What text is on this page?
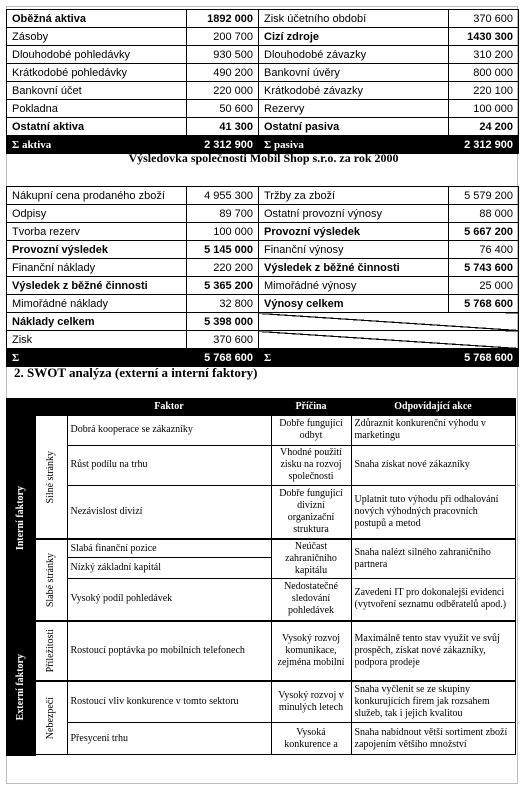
Oběžná aktiva	1892 000	Zisk účetního období	370 600
Zásoby	200 700	Cizí zdroje	1430 300
Dlouhodobé pohledávky	930 500	Dlouhodobé závazky	310 200
Krátkodobé pohledávky	490 200	Bankovní úvěry	800 000
Bankovní účet	220 000	Krátkodobé závazky	220 100
Pokladna	50 600	Rezervy	100 000
Ostatní aktiva	41 300	Ostatní pasiva	24 200
Σ aktiva	2 312 900	Σ pasiva	2 312 900
Výsledovka společnosti Mobil Shop s.r.o. za rok 2000
Nákupní cena prodaného zboží	4 955 300	Tržby za zboží	5 579 200
Odpisy	89 700	Ostatní provozní výnosy	88 000
Tvorba rezerv	100 000	Provozní výsledek	5 667 200
Provozní výsledek	5 145 000	Finanční výnosy	76 400
Finanční náklady	220 200	Výsledek z běžné činnosti	5 743 600
Výsledek z běžné činnosti	5 365 200	Mimořádné výnosy	25 000
Mimořádné náklady	32 800	Výnosy celkem	5 768 600
Náklady celkem	5 398 000		
Zisk	370 600		
Σ	5 768 600	Σ	5 768 600
2. SWOT analýza (externí a interní faktory)
		Faktor	Příčina	Odpovídající akce

Interní faktory	Silné stránky	Dobrá kooperace se zákazníky	Dobře fungující odbyt	Zdůraznit konkurenční výhodu v marketingu
		Růst podílu na trhu	Vhodné použití zisku na rozvoj společnosti	Snaha získat nové zákazníky
		Nezávislost divizí	Dobře fungující divizní organizační struktura	Uplatnit tuto výhodu při odhalování nových výhodných pracovních postupů a metod

	Slabé stránky	Slabá finanční pozice	Neúčast zahraničního kapitálu	Snaha nalézt silného zahraničního partnera
		Nízký základní kapitál		
		Vysoký podíl pohledávek	Nedostatečné sledování pohledávek	Zavedení IT pro dokonalejší evidenci (vytvoření seznamu odběratelů apod.)

Externí faktory	Příležitosti	Rostoucí poptávka po mobilních telefonech	Vysoký rozvoj komunikace, zejména mobilní	Maximálně tento stav využít ve svůj prospěch, získat nové zákazníky, podpora prodeje

	Nebezpečí	Rostoucí vliv konkurence v tomto sektoru	Vysoký rozvoj v minulých letech	Snaha vyčlenit se ze skupiny konkurujících firem jak rozsahem služeb, tak i jejich kvalitou
		Přesycení trhu	Vysoká konkurence a	Snaha nabídnout větší sortiment zboží zapojením většího množství
